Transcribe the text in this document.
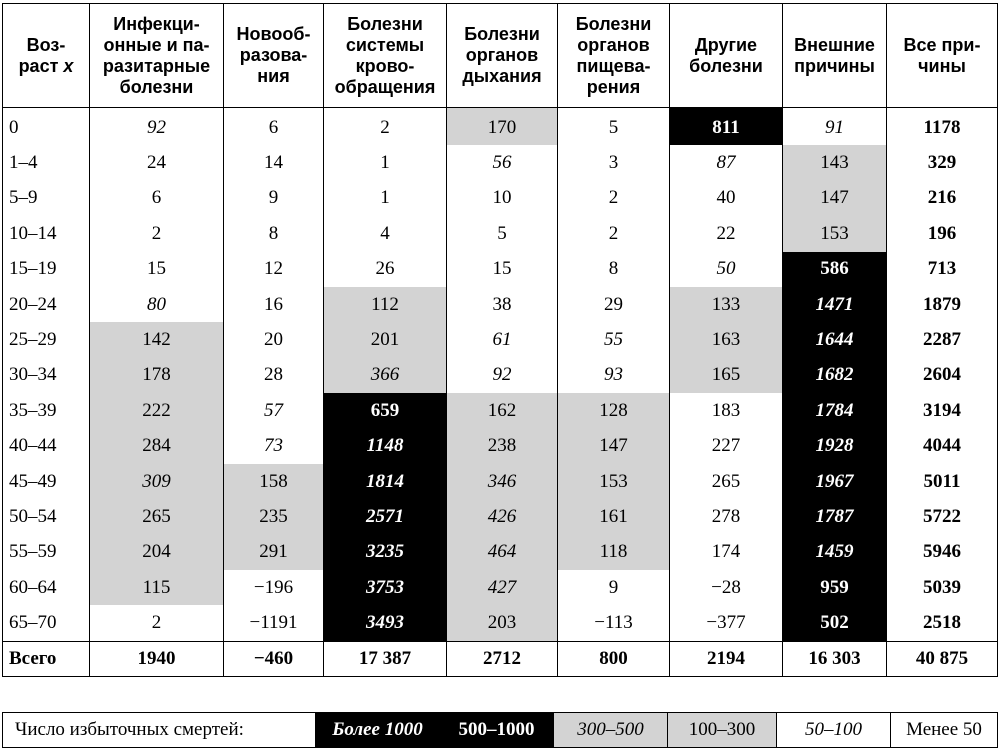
Воз-
раст x	Инфекци-
онные и па-
разитарные
болезни	Новооб-
разова-
ния	Болезни
системы
крово-
обращения	Болезни
органов
дыхания	Болезни
органов
пищева-
рения	Другие
болезни	Внешние
причины	Все при-
чины
0	92	6	2	170	5	811	91	1178
1–4	24	14	1	56	3	87	143	329
5–9	6	9	1	10	2	40	147	216
10–14	2	8	4	5	2	22	153	196
15–19	15	12	26	15	8	50	586	713
20–24	80	16	112	38	29	133	1471	1879
25–29	142	20	201	61	55	163	1644	2287
30–34	178	28	366	92	93	165	1682	2604
35–39	222	57	659	162	128	183	1784	3194
40–44	284	73	1148	238	147	227	1928	4044
45–49	309	158	1814	346	153	265	1967	5011
50–54	265	235	2571	426	161	278	1787	5722
55–59	204	291	3235	464	118	174	1459	5946
60–64	115	−196	3753	427	9	−28	959	5039
65–70	2	−1191	3493	203	−113	−377	502	2518
Всего	1940	−460	17 387	2712	800	2194	16 303	40 875
Число избыточных смертей:	Более 1000	500–1000	300–500	100–300	50–100	Менее 50
